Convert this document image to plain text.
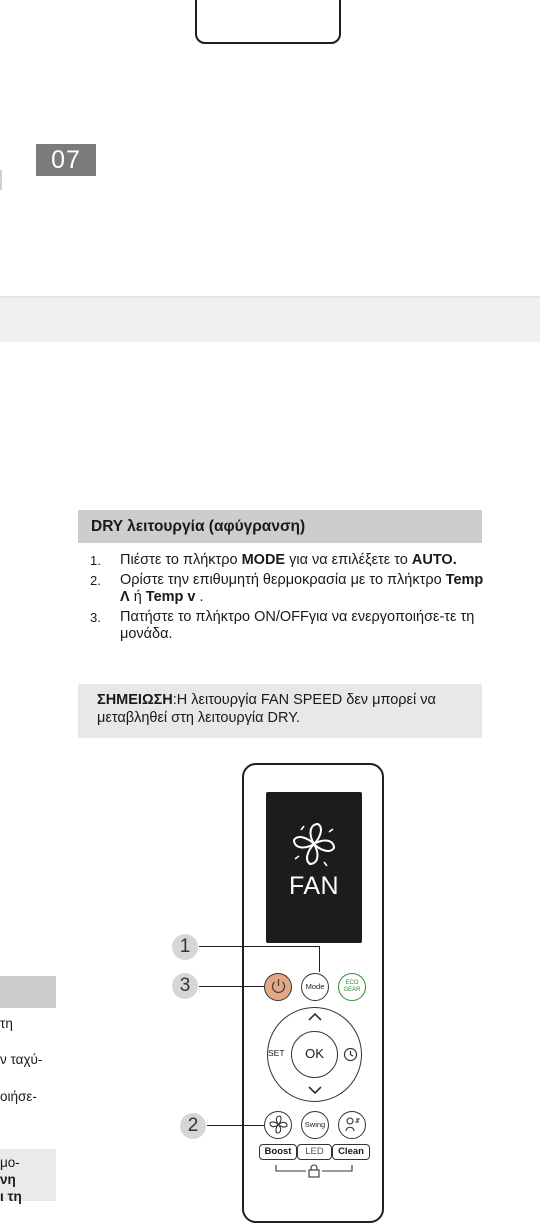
07
DRY λειτουργία (αφύγρανση)
1. Πιέστε το πλήκτρο MODE για να επιλέξετε το AUTO.
2. Ορίστε την επιθυμητή θερμοκρασία με το πλήκτρο Temp Λ ή Temp v .
3. Πατήστε το πλήκτρο ON/OFFγια να ενεργοποιήσε-τε τη μονάδα.
ΣΗΜΕΙΩΣΗ:Η λειτουργία FAN SPEED δεν μπορεί να μεταβληθεί στη λειτουργία DRY.
FAN
1
3
2
Mode	ECO
GEAR
OK
SET
Swing
Boost	LED	Clean
τη
ν ταχύ-
οιήσε-
μο-
νη
ι τη
